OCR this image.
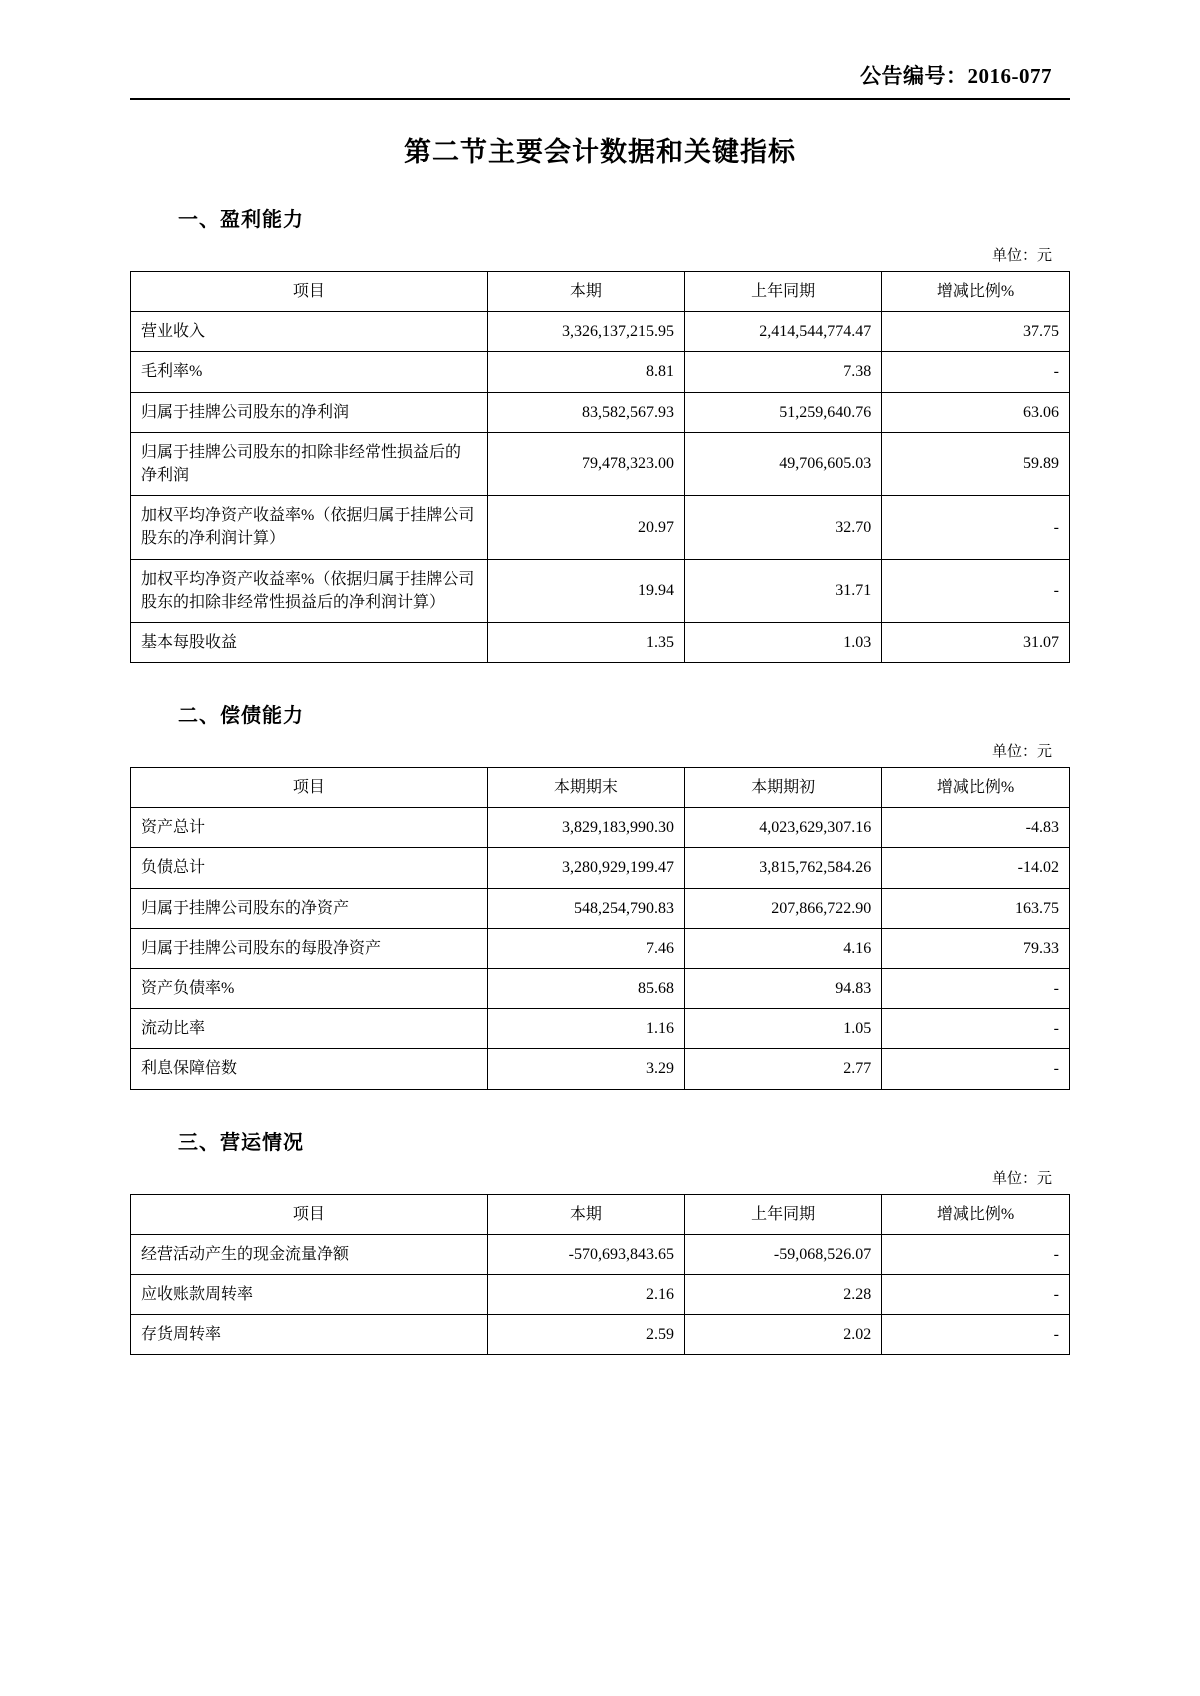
公告编号：2016-077
第二节主要会计数据和关键指标
一、盈利能力
单位：元
项目	本期	上年同期	增减比例%
营业收入	3,326,137,215.95	2,414,544,774.47	37.75
毛利率%	8.81	7.38	-
归属于挂牌公司股东的净利润	83,582,567.93	51,259,640.76	63.06
归属于挂牌公司股东的扣除非经常性损益后的净利润	79,478,323.00	49,706,605.03	59.89
加权平均净资产收益率%（依据归属于挂牌公司股东的净利润计算）	20.97	32.70	-
加权平均净资产收益率%（依据归属于挂牌公司股东的扣除非经常性损益后的净利润计算）	19.94	31.71	-
基本每股收益	1.35	1.03	31.07
二、偿债能力
单位：元
项目	本期期末	本期期初	增减比例%
资产总计	3,829,183,990.30	4,023,629,307.16	-4.83
负债总计	3,280,929,199.47	3,815,762,584.26	-14.02
归属于挂牌公司股东的净资产	548,254,790.83	207,866,722.90	163.75
归属于挂牌公司股东的每股净资产	7.46	4.16	79.33
资产负债率%	85.68	94.83	-
流动比率	1.16	1.05	-
利息保障倍数	3.29	2.77	-
三、营运情况
单位：元
项目	本期	上年同期	增减比例%
经营活动产生的现金流量净额	-570,693,843.65	-59,068,526.07	-
应收账款周转率	2.16	2.28	-
存货周转率	2.59	2.02	-
